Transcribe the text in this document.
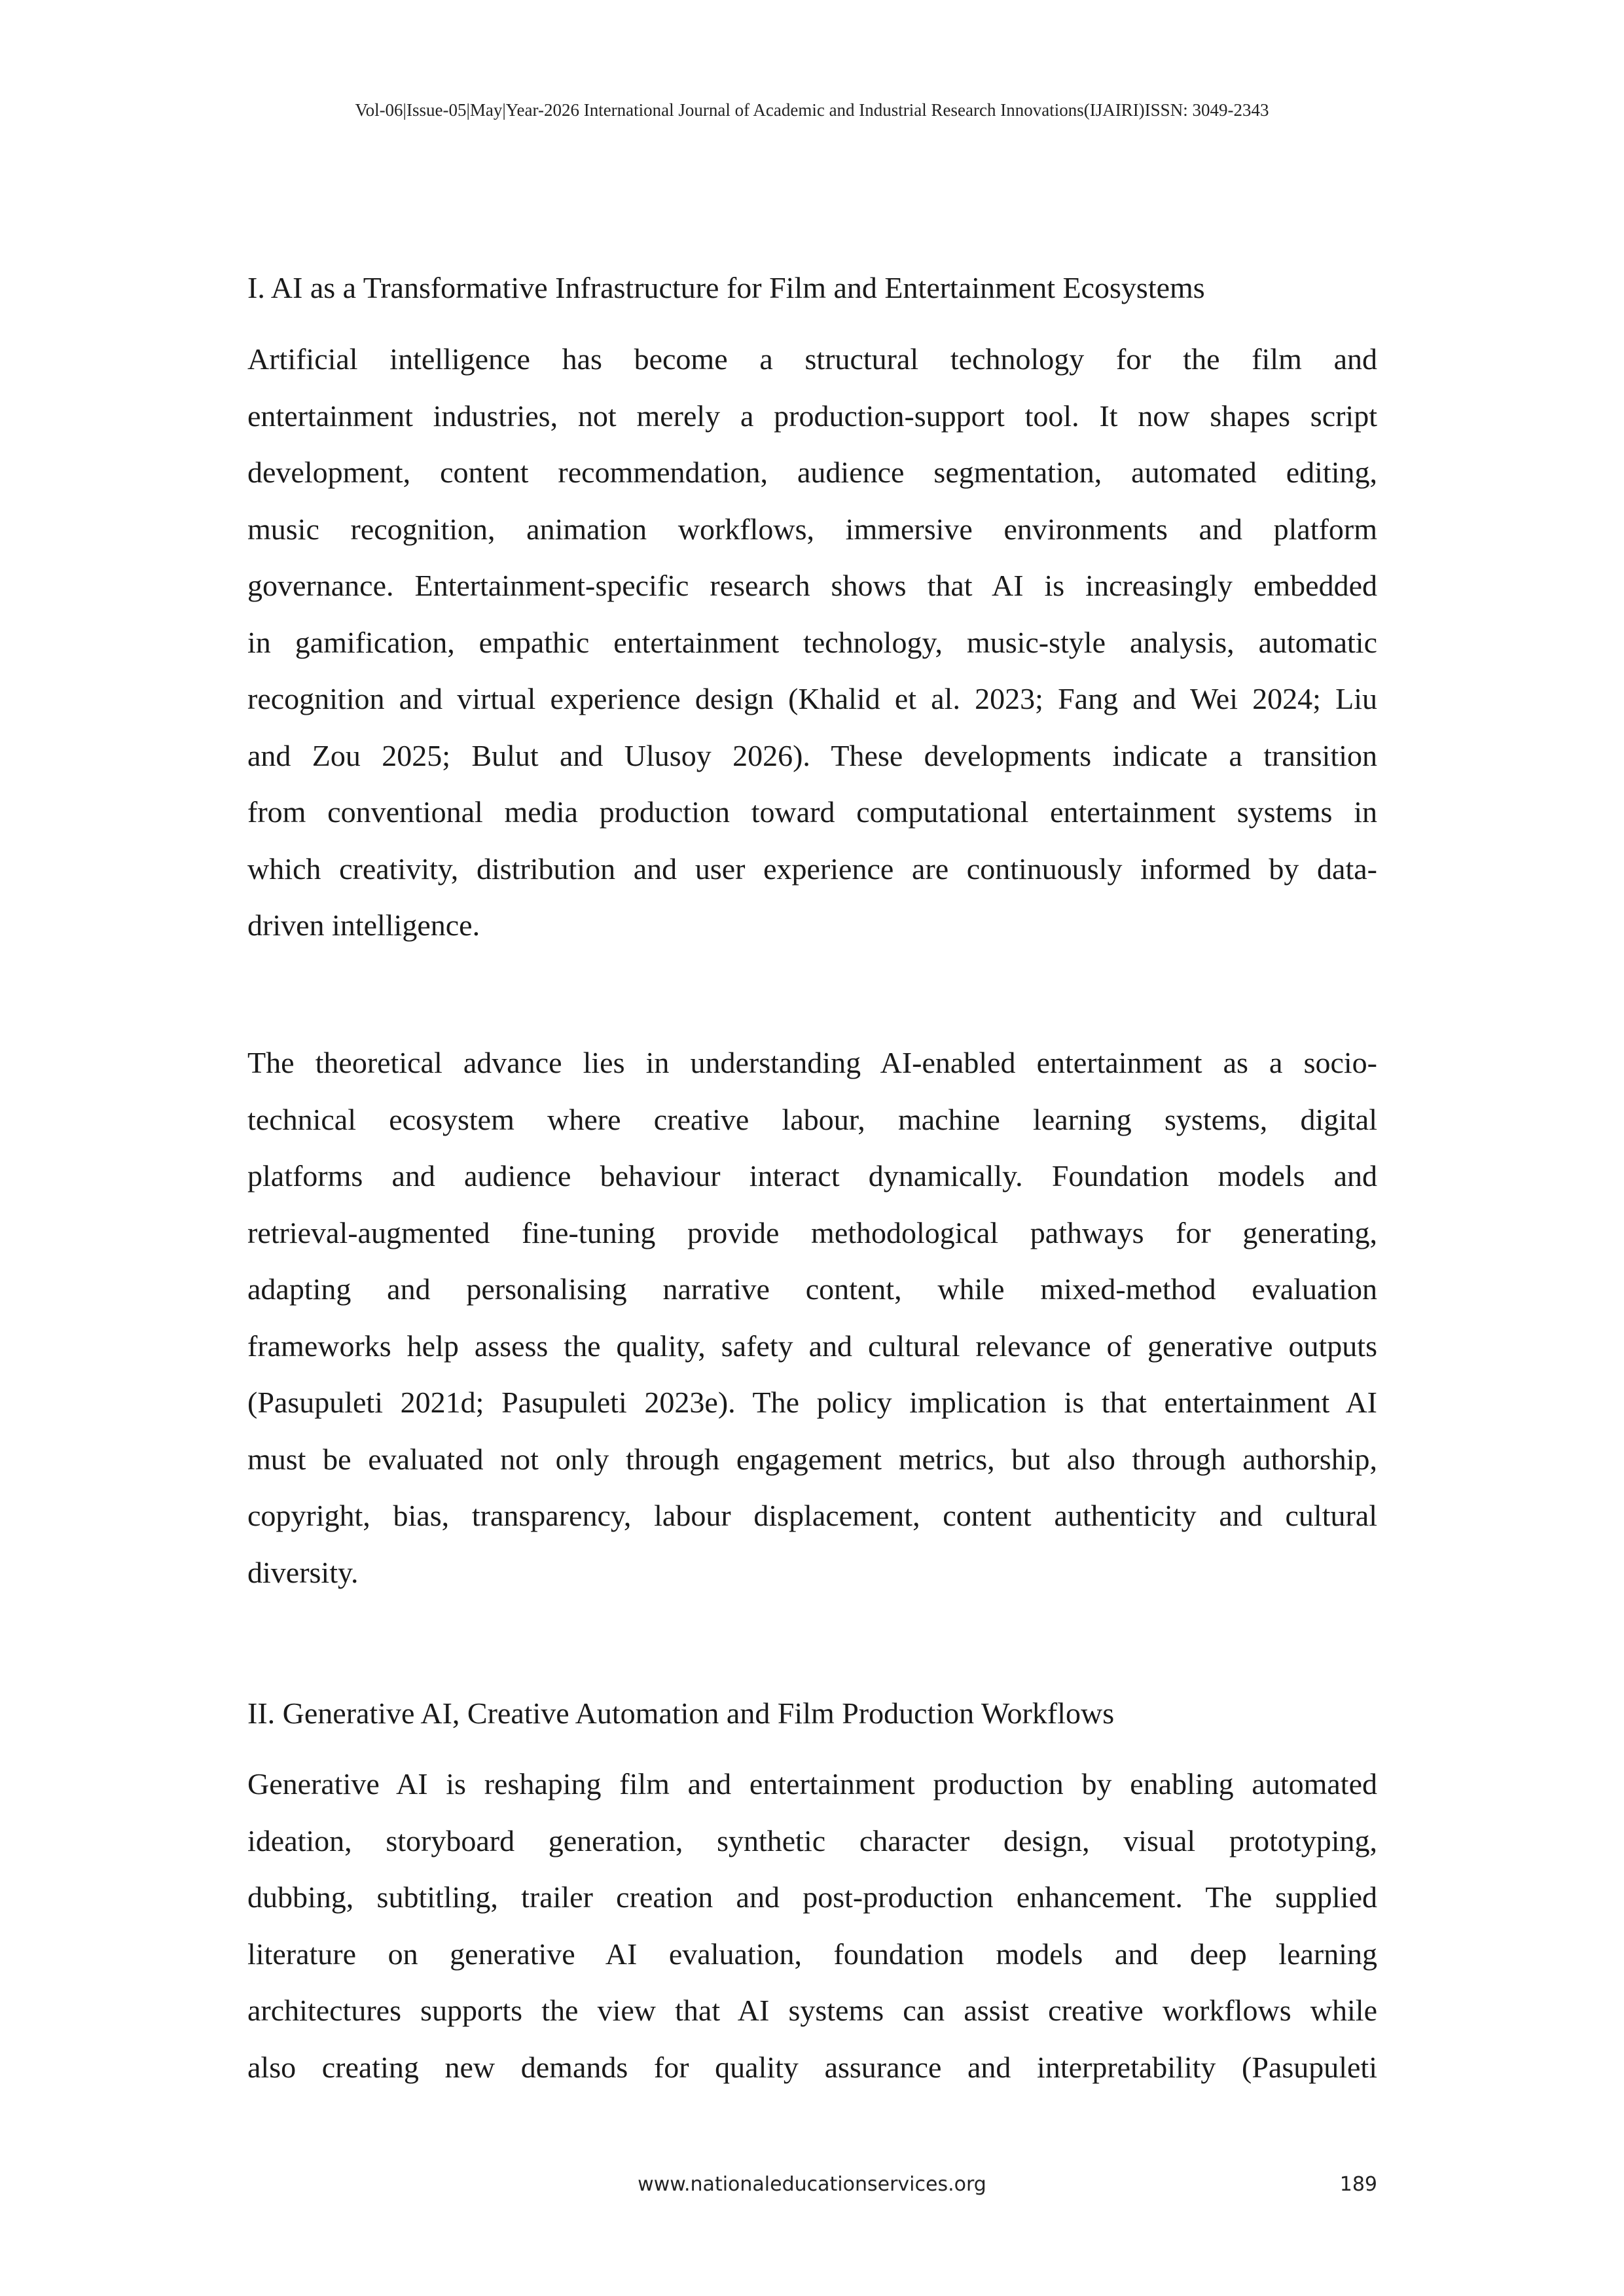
Vol-06|Issue-05|May|Year-2026 International Journal of Academic and Industrial Research Innovations(IJAIRI)ISSN: 3049-2343
I. AI as a Transformative Infrastructure for Film and Entertainment Ecosystems
Artificial intelligence has become a structural technology for the film and
entertainment industries, not merely a production-support tool. It now shapes script
development, content recommendation, audience segmentation, automated editing,
music recognition, animation workflows, immersive environments and platform
governance. Entertainment-specific research shows that AI is increasingly embedded
in gamification, empathic entertainment technology, music-style analysis, automatic
recognition and virtual experience design (Khalid et al. 2023; Fang and Wei 2024; Liu
and Zou 2025; Bulut and Ulusoy 2026). These developments indicate a transition
from conventional media production toward computational entertainment systems in
which creativity, distribution and user experience are continuously informed by data-
driven intelligence.
The theoretical advance lies in understanding AI-enabled entertainment as a socio-
technical ecosystem where creative labour, machine learning systems, digital
platforms and audience behaviour interact dynamically. Foundation models and
retrieval-augmented fine-tuning provide methodological pathways for generating,
adapting and personalising narrative content, while mixed-method evaluation
frameworks help assess the quality, safety and cultural relevance of generative outputs
(Pasupuleti 2021d; Pasupuleti 2023e). The policy implication is that entertainment AI
must be evaluated not only through engagement metrics, but also through authorship,
copyright, bias, transparency, labour displacement, content authenticity and cultural
diversity.
II. Generative AI, Creative Automation and Film Production Workflows
Generative AI is reshaping film and entertainment production by enabling automated
ideation, storyboard generation, synthetic character design, visual prototyping,
dubbing, subtitling, trailer creation and post-production enhancement. The supplied
literature on generative AI evaluation, foundation models and deep learning
architectures supports the view that AI systems can assist creative workflows while
also creating new demands for quality assurance and interpretability (Pasupuleti
www.nationaleducationservices.org	189
